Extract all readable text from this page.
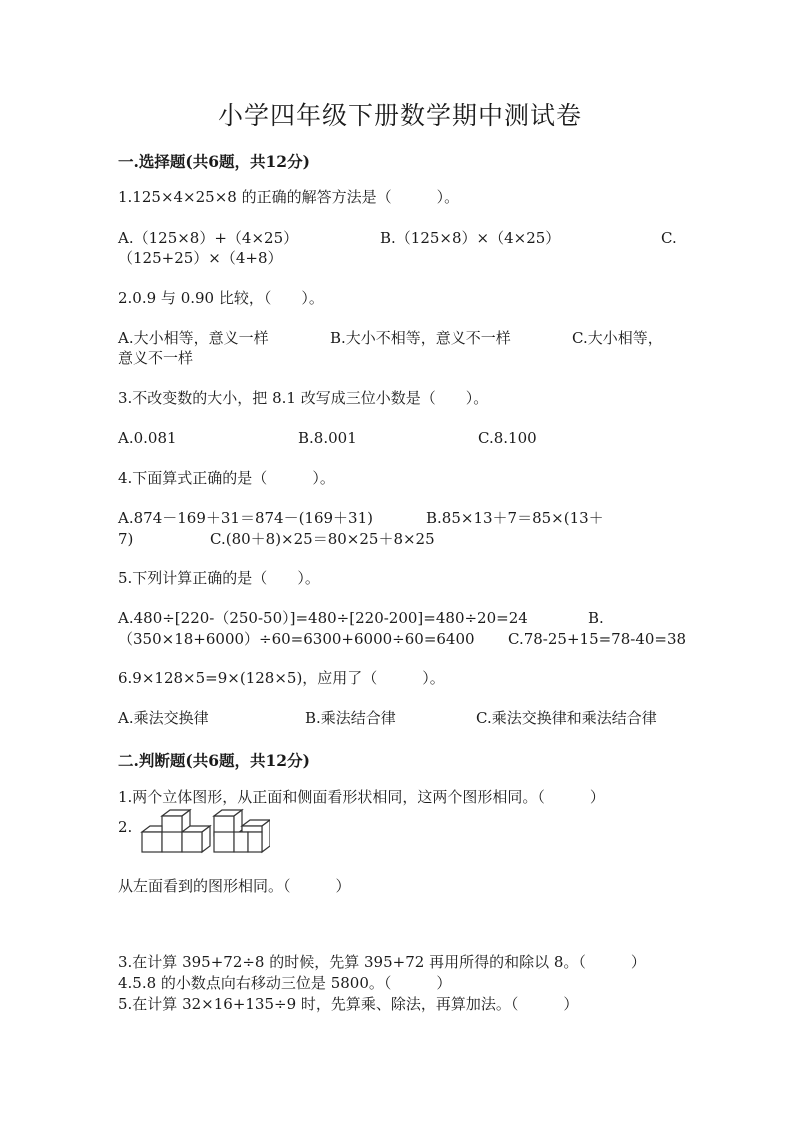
小学四年级下册数学期中测试卷
一.选择题(共6题，共12分)
1.125×4×25×8 的正确的解答方法是（　　　）。
A.（125×8）+（4×25）	B.（125×8）×（4×25）	C.
（125+25）×（4+8）
2.0.9 与 0.90 比较，（　　）。
A.大小相等，意义一样	B.大小不相等，意义不一样	C.大小相等，
意义不一样
3.不改变数的大小，把 8.1 改写成三位小数是（　　）。
A.0.081	B.8.001	C.8.100
4.下面算式正确的是（　　　）。
A.874－169＋31＝874－(169＋31)	B.85×13＋7＝85×(13＋
7)	C.(80＋8)×25＝80×25＋8×25
5.下列计算正确的是（　　）。
A.480÷[220-（250-50）]=480÷[220-200]=480÷20=24	B.
（350×18+6000）÷60=6300+6000÷60=6400 C.78-25+15=78-40=38
6.9×128×5=9×(128×5)，应用了（　　　）。
A.乘法交换律	B.乘法结合律	C.乘法交换律和乘法结合律
二.判断题(共6题，共12分)
1.两个立体图形，从正面和侧面看形状相同，这两个图形相同。（　　　）
2.
从左面看到的图形相同。（　　　）
3.在计算 395+72÷8 的时候，先算 395+72 再用所得的和除以 8。（　　　）
4.5.8 的小数点向右移动三位是 5800。（　　　）
5.在计算 32×16+135÷9 时，先算乘、除法，再算加法。（　　　）
